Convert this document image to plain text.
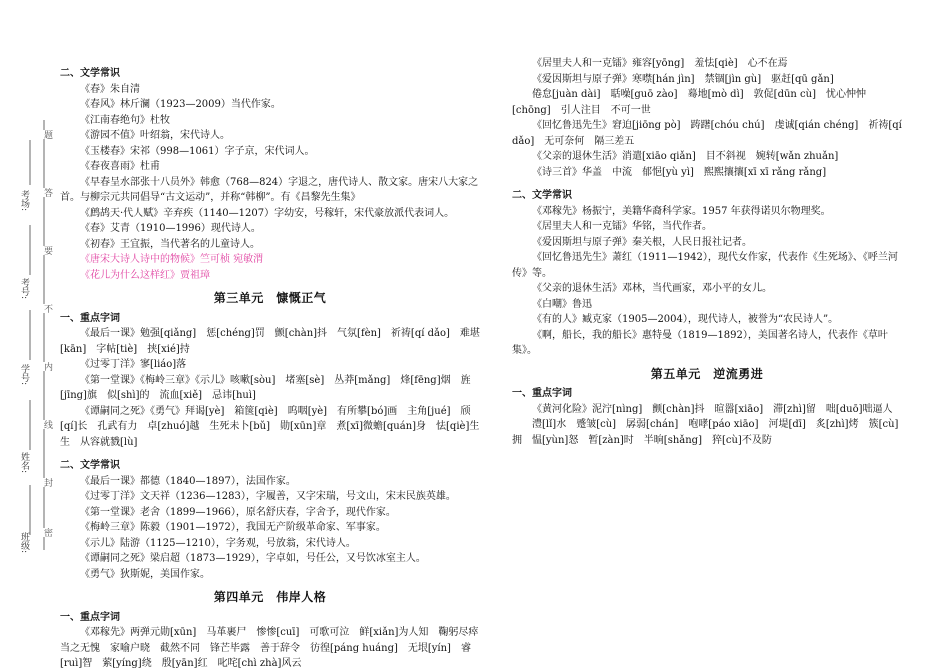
考场:
考号:
学号:
姓名:
班级:
题
答
要
不
内
线
封
密
二、文学常识

《春》朱自清

《春风》林斤澜（1923—2009）当代作家。

《江南春绝句》杜牧

《游园不值》叶绍翁，宋代诗人。

《玉楼春》宋祁（998—1061）字子京，宋代词人。

《春夜喜雨》杜甫

《早春呈水部张十八员外》韩愈（768—824）字退之，唐代诗人、散文家。唐宋八大家之首。与柳宗元共同倡导“古文运动”，并称“韩柳”。有《昌黎先生集》

《鹧鸪天·代人赋》辛弃疾（1140—1207）字幼安，号稼轩，宋代豪放派代表词人。

《春》艾青（1910—1996）现代诗人。

《初春》王宜振，当代著名的儿童诗人。

《唐宋大诗人诗中的物候》竺可桢 宛敏渭

《花儿为什么这样红》贾祖璋

第三单元　慷慨正气
一、重点字词

《最后一课》勉强[qiǎng]　惩[chéng]罚　颤[chàn]抖　气氛[fèn]　祈祷[qí dǎo]　难堪[kān]　字帖[tiè]　挟[xié]持

《过零丁洋》寥[liáo]落

《第一堂课》《梅岭三章》《示儿》咳嗽[sòu]　堵塞[sè]　丛莽[mǎng]　烽[fēng]烟　旌[jīng]旗　似[shì]的　流血[xiě]　忌讳[huì]

《谭嗣同之死》《勇气》拜谒[yè]　箱箧[qiè]　呜咽[yè]　有所攀[bó]画　主角[jué]　颀[qí]长　孔武有力　卓[zhuó]越　生死未卜[bǔ]　勋[xūn]章　煮[xī]微蟾[quán]身　怯[qiè]生生　从容就戮[lù]

二、文学常识

《最后一课》都德（1840—1897），法国作家。

《过零丁洋》文天祥（1236—1283），字履善，又字宋瑞，号文山，宋末民族英雄。

《第一堂课》老舍（1899—1966），原名舒庆春，字舍予，现代作家。

《梅岭三章》陈毅（1901—1972），我国无产阶级革命家、军事家。

《示儿》陆游（1125—1210），字务观，号放翁，宋代诗人。

《谭嗣同之死》梁启超（1873—1929），字卓如，号任公，又号饮冰室主人。

《勇气》狄斯妮，美国作家。

第四单元　伟岸人格
一、重点字词

《邓稼先》两弹元勋[xūn]　马革裹尸　惨惨[cuī]　可歌可泣　鲜[xiǎn]为人知　鞠躬尽瘁　当之无愧　家喻户晓　截然不同　锋芒毕露　善于辞令　彷徨[páng huáng]　无垠[yín]　睿[ruì]智　萦[yíng]绕　殷[yān]红　叱咤[chì zhà]风云

《居里夫人和一克镭》雍容[yōng]　羞怯[qiè]　心不在焉

《爱因斯坦与原子弹》寒噤[hán jìn]　禁锢[jìn gù]　驱赶[qū gǎn]

倦怠[juàn dài]　聒噪[guō zào]　蓦地[mò dì]　敦促[dūn cù]　忧心忡忡[chōng]　引人注目　不可一世

《回忆鲁迅先生》窘迫[jiōng pò]　踌躇[chóu chú]　虔诚[qián chéng]　祈祷[qí dǎo]　无可奈何　隔三差五

《父亲的退休生活》消遣[xiāo qiǎn]　目不斜视　婉转[wǎn zhuǎn]

《诗三首》华盖　中流　郁悒[yù yì]　熙熙攘攘[xī xī rǎng rǎng]

二、文学常识

《邓稼先》杨振宁，美籍华裔科学家。1957 年获得诺贝尔物理奖。

《居里夫人和一克镭》华铭，当代作者。

《爱因斯坦与原子弹》秦关根，人民日报社记者。

《回忆鲁迅先生》萧红（1911—1942），现代女作家，代表作《生死场》、《呼兰河传》等。

《父亲的退休生活》邓林，当代画家，邓小平的女儿。

《白嘲》鲁迅

《有的人》臧克家（1905—2004），现代诗人，被誉为“农民诗人”。

《啊，船长，我的船长》惠特曼（1819—1892），美国著名诗人，代表作《草叶集》。

第五单元　逆流勇进
一、重点字词

《黄河化险》泥泞[nìng]　颤[chàn]抖　暄嚣[xiāo]　滞[zhì]留　咄[duō]咄逼人

澧[lǐ]水　蹙皱[cù]　孱弱[chán]　咆哮[páo xiāo]　河堤[dī]　炙[zhì]烤　簇[cù]拥　愠[yùn]怒　暂[zàn]时　半晌[shǎng]　猝[cù]不及防
